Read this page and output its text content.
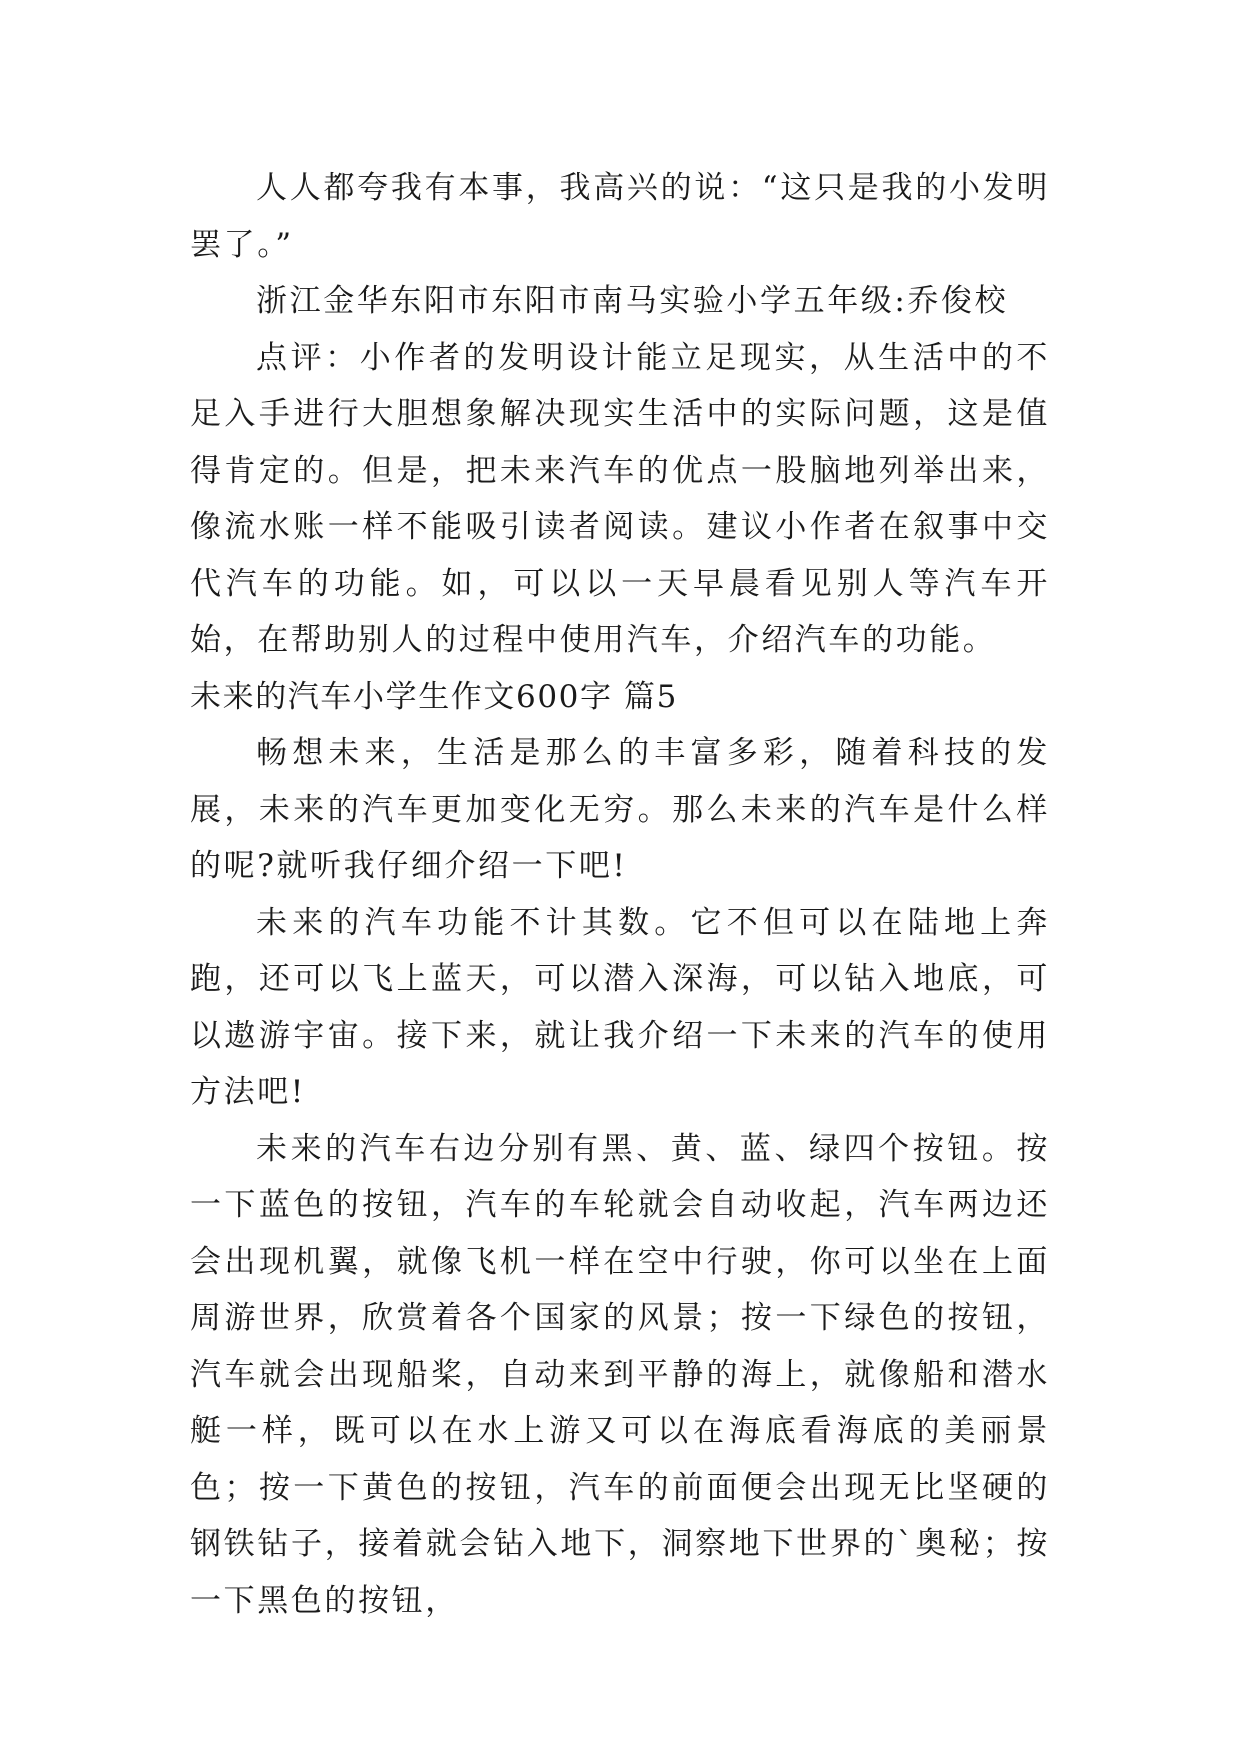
人人都夸我有本事，我高兴的说：“这只是我的小发明罢了。”

浙江金华东阳市东阳市南马实验小学五年级:乔俊校

点评：小作者的发明设计能立足现实，从生活中的不足入手进行大胆想象解决现实生活中的实际问题，这是值得肯定的。但是，把未来汽车的优点一股脑地列举出来，像流水账一样不能吸引读者阅读。建议小作者在叙事中交代汽车的功能。如，可以以一天早晨看见别人等汽车开始，在帮助别人的过程中使用汽车，介绍汽车的功能。

未来的汽车小学生作文600字 篇5

畅想未来，生活是那么的丰富多彩，随着科技的发展，未来的汽车更加变化无穷。那么未来的汽车是什么样的呢?就听我仔细介绍一下吧!

未来的汽车功能不计其数。它不但可以在陆地上奔跑，还可以飞上蓝天，可以潜入深海，可以钻入地底，可以遨游宇宙。接下来，就让我介绍一下未来的汽车的使用方法吧!

未来的汽车右边分别有黑、黄、蓝、绿四个按钮。按一下蓝色的按钮，汽车的车轮就会自动收起，汽车两边还会出现机翼，就像飞机一样在空中行驶，你可以坐在上面周游世界，欣赏着各个国家的风景；按一下绿色的按钮，汽车就会出现船桨，自动来到平静的海上，就像船和潜水艇一样，既可以在水上游又可以在海底看海底的美丽景色；按一下黄色的按钮，汽车的前面便会出现无比坚硬的钢铁钻子，接着就会钻入地下，洞察地下世界的`奥秘；按一下黑色的按钮，
